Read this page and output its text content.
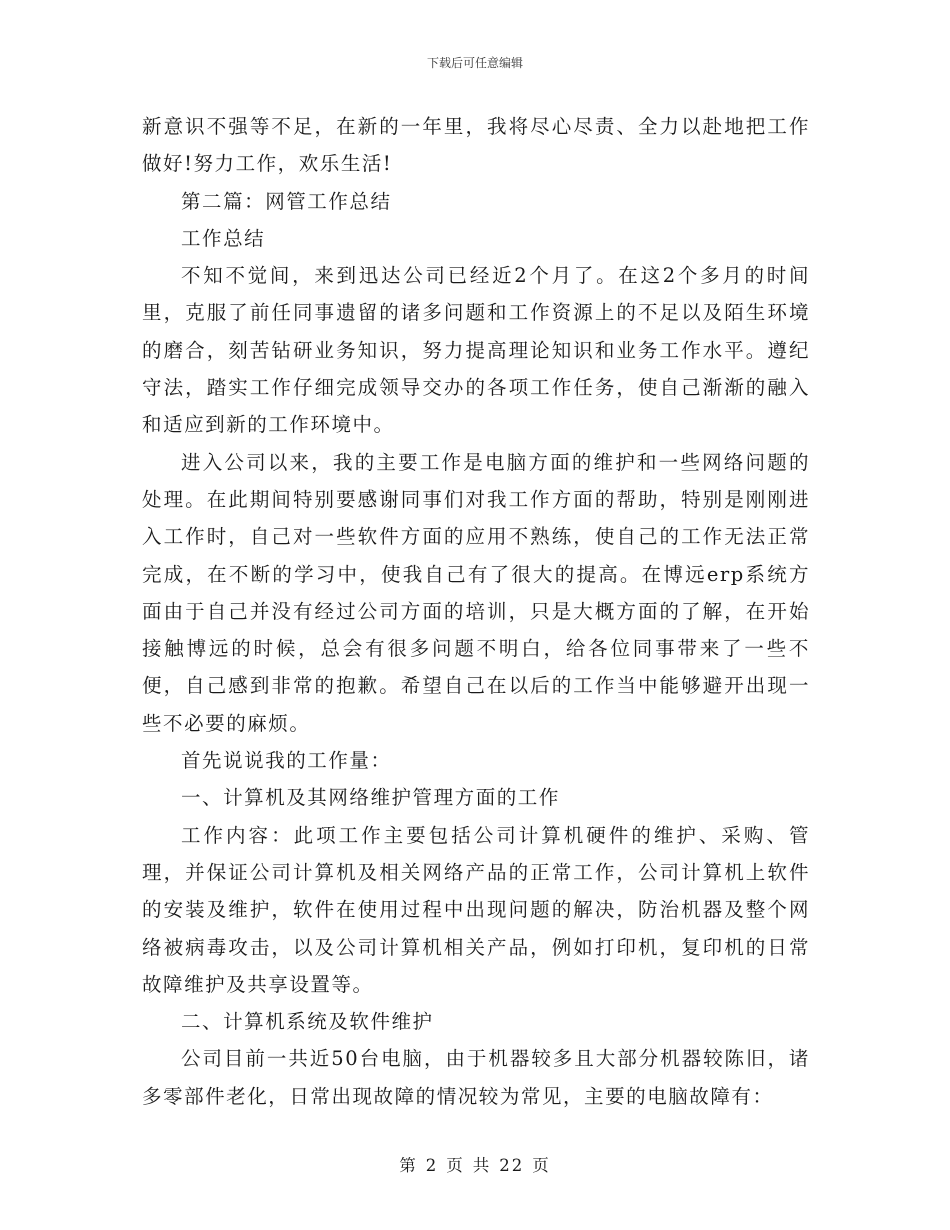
下载后可任意编辑

新意识不强等不足，在新的一年里，我将尽心尽责、全力以赴地把工作做好!努力工作，欢乐生活!

第二篇：网管工作总结

工作总结

不知不觉间，来到迅达公司已经近2个月了。在这2个多月的时间里，克服了前任同事遗留的诸多问题和工作资源上的不足以及陌生环境的磨合，刻苦钻研业务知识，努力提高理论知识和业务工作水平。遵纪守法，踏实工作仔细完成领导交办的各项工作任务，使自己渐渐的融入和适应到新的工作环境中。

进入公司以来，我的主要工作是电脑方面的维护和一些网络问题的处理。在此期间特别要感谢同事们对我工作方面的帮助，特别是刚刚进入工作时，自己对一些软件方面的应用不熟练，使自己的工作无法正常完成，在不断的学习中，使我自己有了很大的提高。在博远erp系统方面由于自己并没有经过公司方面的培训，只是大概方面的了解，在开始接触博远的时候，总会有很多问题不明白，给各位同事带来了一些不便，自己感到非常的抱歉。希望自己在以后的工作当中能够避开出现一些不必要的麻烦。

首先说说我的工作量：

一、计算机及其网络维护管理方面的工作

工作内容：此项工作主要包括公司计算机硬件的维护、采购、管理，并保证公司计算机及相关网络产品的正常工作，公司计算机上软件的安装及维护，软件在使用过程中出现问题的解决，防治机器及整个网络被病毒攻击，以及公司计算机相关产品，例如打印机，复印机的日常故障维护及共享设置等。

二、计算机系统及软件维护

公司目前一共近50台电脑，由于机器较多且大部分机器较陈旧，诸多零部件老化，日常出现故障的情况较为常见，主要的电脑故障有：

第 2 页 共 22 页
